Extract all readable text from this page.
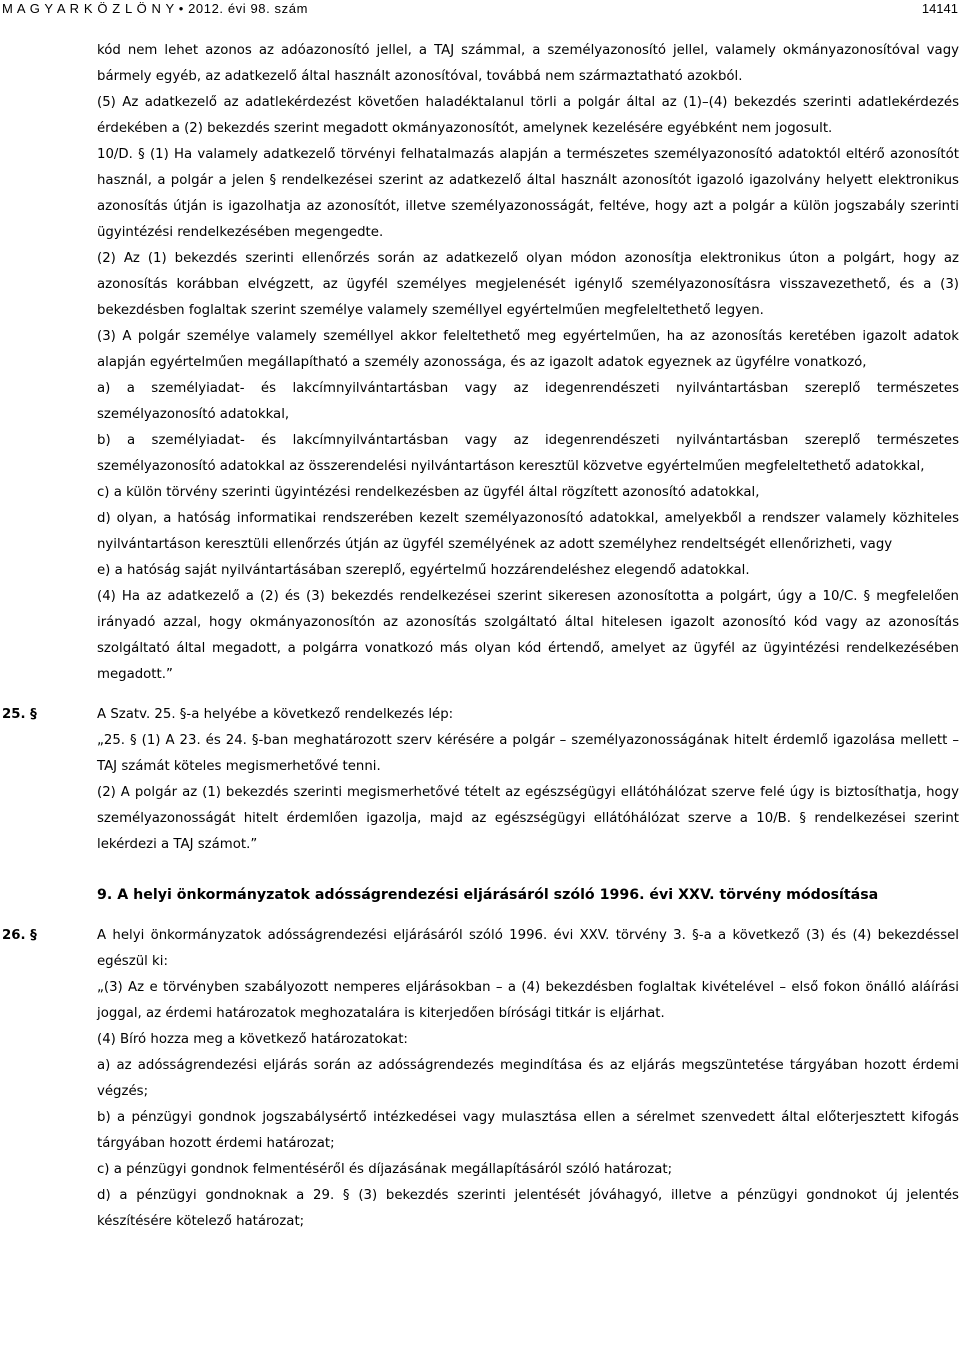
M A G Y A R K Ö Z L Ö N Y • 2012. évi 98. szám	14141

kód nem lehet azonos az adóazonosító jellel, a TAJ számmal, a személyazonosító jellel, valamely okmányazonosítóval vagy bármely egyéb, az adatkezelő által használt azonosítóval, továbbá nem származtatható azokból.

(5) Az adatkezelő az adatlekérdezést követően haladéktalanul törli a polgár által az (1)–(4) bekezdés szerinti adatlekérdezés érdekében a (2) bekezdés szerint megadott okmányazonosítót, amelynek kezelésére egyébként nem jogosult.

10/D. § (1) Ha valamely adatkezelő törvényi felhatalmazás alapján a természetes személyazonosító adatoktól eltérő azonosítót használ, a polgár a jelen § rendelkezései szerint az adatkezelő által használt azonosítót igazoló igazolvány helyett elektronikus azonosítás útján is igazolhatja az azonosítót, illetve személyazonosságát, feltéve, hogy azt a polgár a külön jogszabály szerinti ügyintézési rendelkezésében megengedte.

(2) Az (1) bekezdés szerinti ellenőrzés során az adatkezelő olyan módon azonosítja elektronikus úton a polgárt, hogy az azonosítás korábban elvégzett, az ügyfél személyes megjelenését igénylő személyazonosításra visszavezethető, és a (3) bekezdésben foglaltak szerint személye valamely személlyel egyértelműen megfeleltethető legyen.

(3) A polgár személye valamely személlyel akkor feleltethető meg egyértelműen, ha az azonosítás keretében igazolt adatok alapján egyértelműen megállapítható a személy azonossága, és az igazolt adatok egyeznek az ügyfélre vonatkozó,

a) a személyiadat- és lakcímnyilvántartásban vagy az idegenrendészeti nyilvántartásban szereplő természetes személyazonosító adatokkal,

b) a személyiadat- és lakcímnyilvántartásban vagy az idegenrendészeti nyilvántartásban szereplő természetes személyazonosító adatokkal az összerendelési nyilvántartáson keresztül közvetve egyértelműen megfeleltethető adatokkal,

c) a külön törvény szerinti ügyintézési rendelkezésben az ügyfél által rögzített azonosító adatokkal,

d) olyan, a hatóság informatikai rendszerében kezelt személyazonosító adatokkal, amelyekből a rendszer valamely közhiteles nyilvántartáson keresztüli ellenőrzés útján az ügyfél személyének az adott személyhez rendeltségét ellenőrizheti, vagy

e) a hatóság saját nyilvántartásában szereplő, egyértelmű hozzárendeléshez elegendő adatokkal.

(4) Ha az adatkezelő a (2) és (3) bekezdés rendelkezései szerint sikeresen azonosította a polgárt, úgy a 10/C. § megfelelően irányadó azzal, hogy okmányazonosítón az azonosítás szolgáltató által hitelesen igazolt azonosító kód vagy az azonosítás szolgáltató által megadott, a polgárra vonatkozó más olyan kód értendő, amelyet az ügyfél az ügyintézési rendelkezésében megadott.”

25. §	A Szatv. 25. §-a helyébe a következő rendelkezés lép:

„25. § (1) A 23. és 24. §-ban meghatározott szerv kérésére a polgár – személyazonosságának hitelt érdemlő igazolása mellett – TAJ számát köteles megismerhetővé tenni.

(2) A polgár az (1) bekezdés szerinti megismerhetővé tételt az egészségügyi ellátóhálózat szerve felé úgy is biztosíthatja, hogy személyazonosságát hitelt érdemlően igazolja, majd az egészségügyi ellátóhálózat szerve a 10/B. § rendelkezései szerint lekérdezi a TAJ számot.”

9. A helyi önkormányzatok adósságrendezési eljárásáról szóló 1996. évi XXV. törvény módosítása

26. §	A helyi önkormányzatok adósságrendezési eljárásáról szóló 1996. évi XXV. törvény 3. §-a a következő (3) és (4) bekezdéssel egészül ki:

„(3) Az e törvényben szabályozott nemperes eljárásokban – a (4) bekezdésben foglaltak kivételével – első fokon önálló aláírási joggal, az érdemi határozatok meghozatalára is kiterjedően bírósági titkár is eljárhat.

(4) Bíró hozza meg a következő határozatokat:

a) az adósságrendezési eljárás során az adósságrendezés megindítása és az eljárás megszüntetése tárgyában hozott érdemi végzés;

b) a pénzügyi gondnok jogszabálysértő intézkedései vagy mulasztása ellen a sérelmet szenvedett által előterjesztett kifogás tárgyában hozott érdemi határozat;

c) a pénzügyi gondnok felmentéséről és díjazásának megállapításáról szóló határozat;

d) a pénzügyi gondnoknak a 29. § (3) bekezdés szerinti jelentését jóváhagyó, illetve a pénzügyi gondnokot új jelentés készítésére kötelező határozat;
